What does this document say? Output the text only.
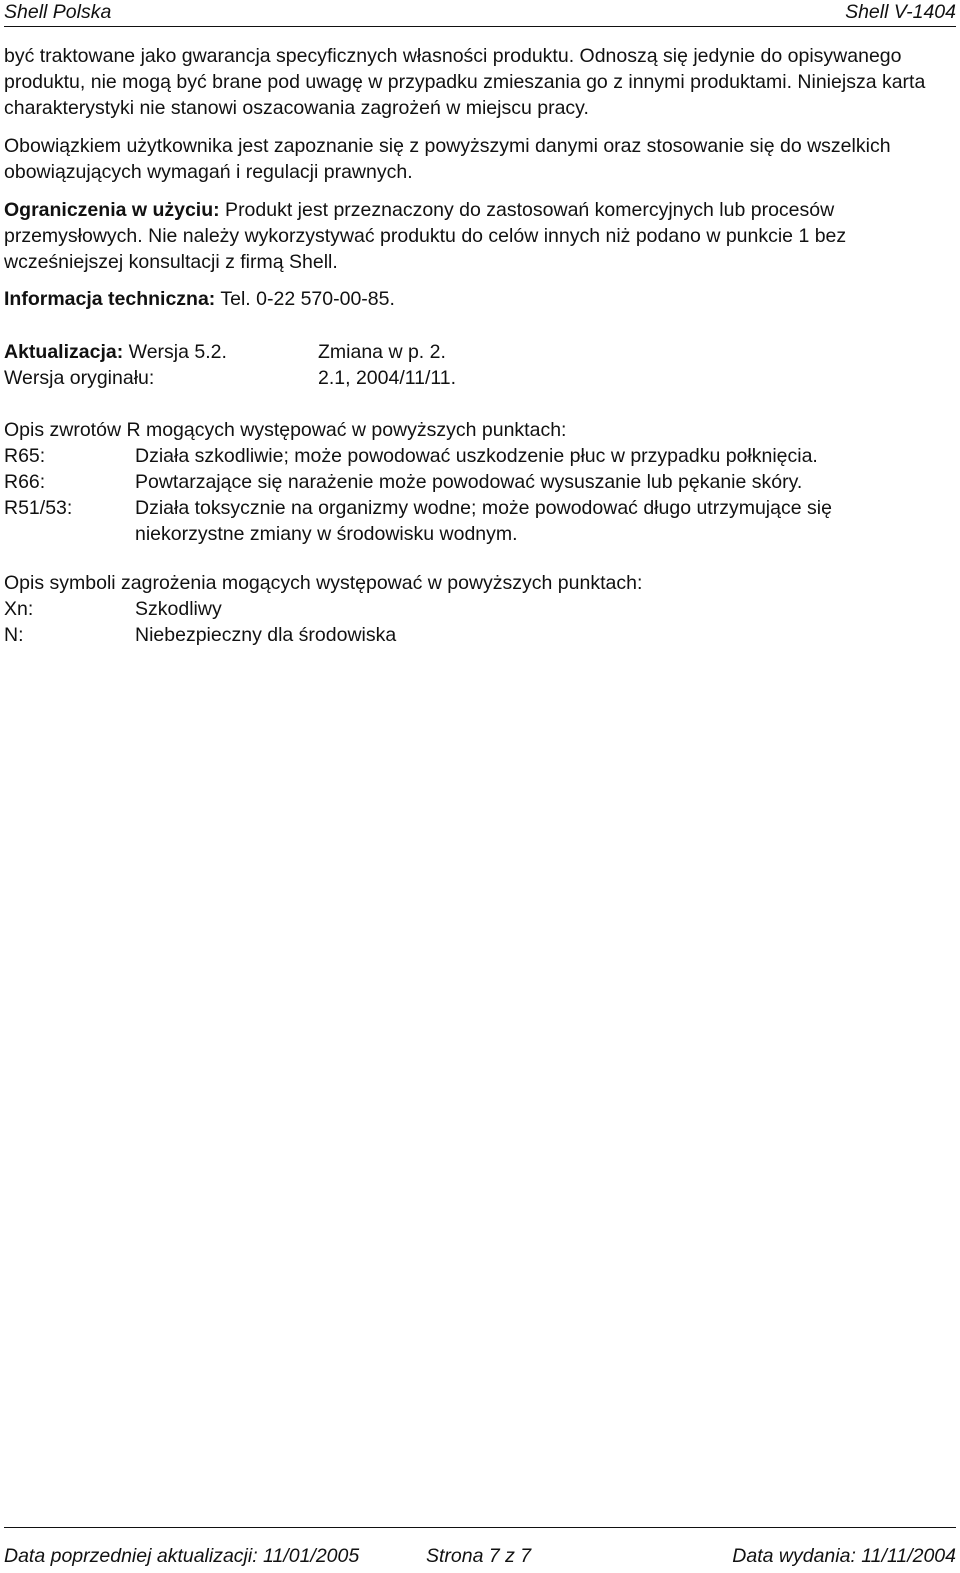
Shell Polska	Shell V-1404

być traktowane jako gwarancja specyficznych własności produktu. Odnoszą się jedynie do opisywanego produktu, nie mogą być brane pod uwagę w przypadku zmieszania go z innymi produktami. Niniejsza karta charakterystyki nie stanowi oszacowania zagrożeń w miejscu pracy.

Obowiązkiem użytkownika jest zapoznanie się z powyższymi danymi oraz stosowanie się do wszelkich obowiązujących wymagań i regulacji prawnych.

Ograniczenia w użyciu: Produkt jest przeznaczony do zastosowań komercyjnych lub procesów przemysłowych. Nie należy wykorzystywać produktu do celów innych niż podano w punkcie 1 bez wcześniejszej konsultacji z firmą Shell.

Informacja techniczna: Tel. 0-22 570-00-85.

Aktualizacja: Wersja 5.2.	Zmiana w p. 2.
Wersja oryginału:	2.1, 2004/11/11.
Opis zwrotów R mogących występować w powyższych punktach:
R65:	Działa szkodliwie; może powodować uszkodzenie płuc w przypadku połknięcia.
R66:	Powtarzające się narażenie może powodować wysuszanie lub pękanie skóry.
R51/53:	Działa toksycznie na organizmy wodne; może powodować długo utrzymujące się niekorzystne zmiany w środowisku wodnym.
Opis symboli zagrożenia mogących występować w powyższych punktach:
Xn:	Szkodliwy
N:	Niebezpieczny dla środowiska
Data poprzedniej aktualizacji: 11/01/2005	Strona 7 z 7	Data wydania: 11/11/2004
